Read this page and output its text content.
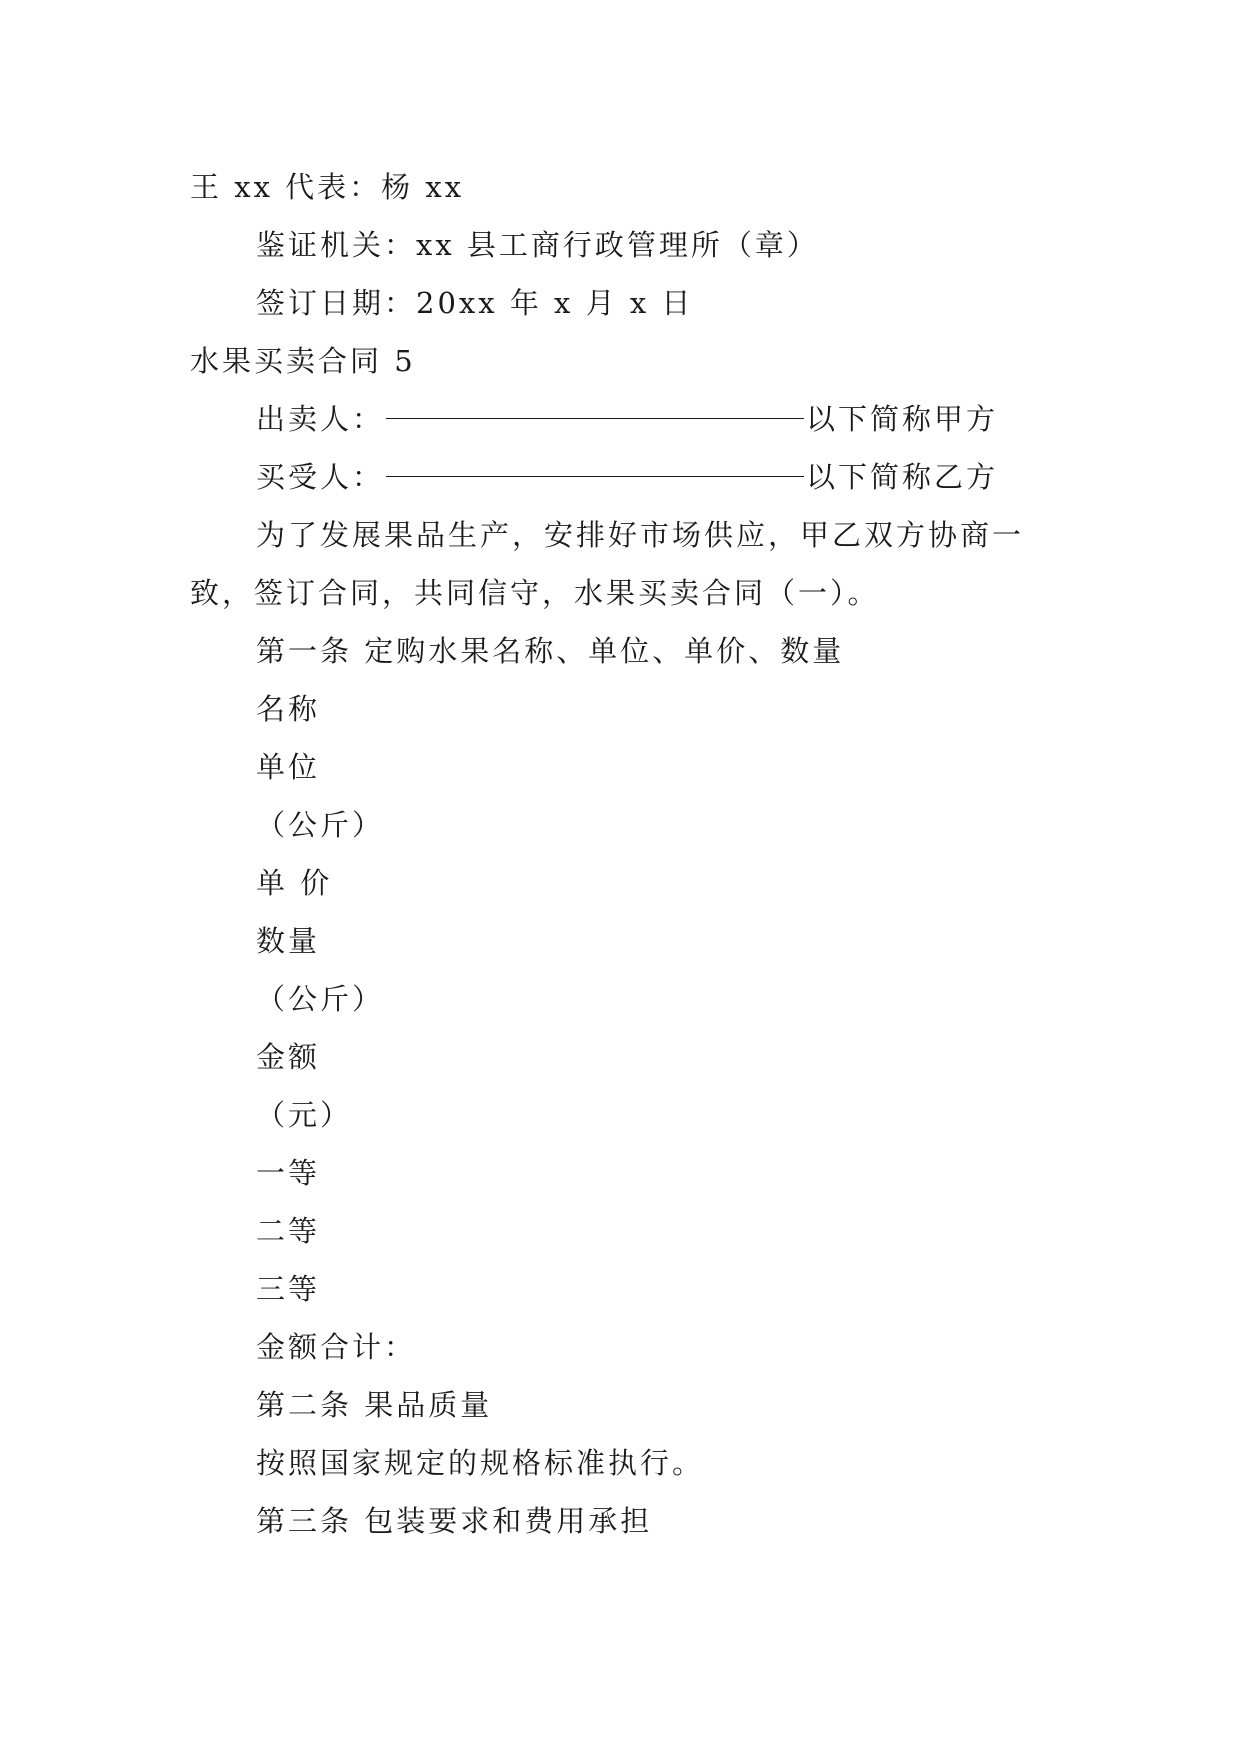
王 xx 代表：杨 xx
鉴证机关：xx 县工商行政管理所（章）
签订日期：20xx 年 x 月 x 日
水果买卖合同 5
出卖人：	以下简称甲方
买受人：	以下简称乙方
为了发展果品生产，安排好市场供应，甲乙双方协商一
致，签订合同，共同信守，水果买卖合同（一）。
第一条 定购水果名称、单位、单价、数量
名称
单位
（公斤）
单 价
数量
（公斤）
金额
（元）
一等
二等
三等
金额合计：
第二条 果品质量
按照国家规定的规格标准执行。
第三条 包装要求和费用承担
